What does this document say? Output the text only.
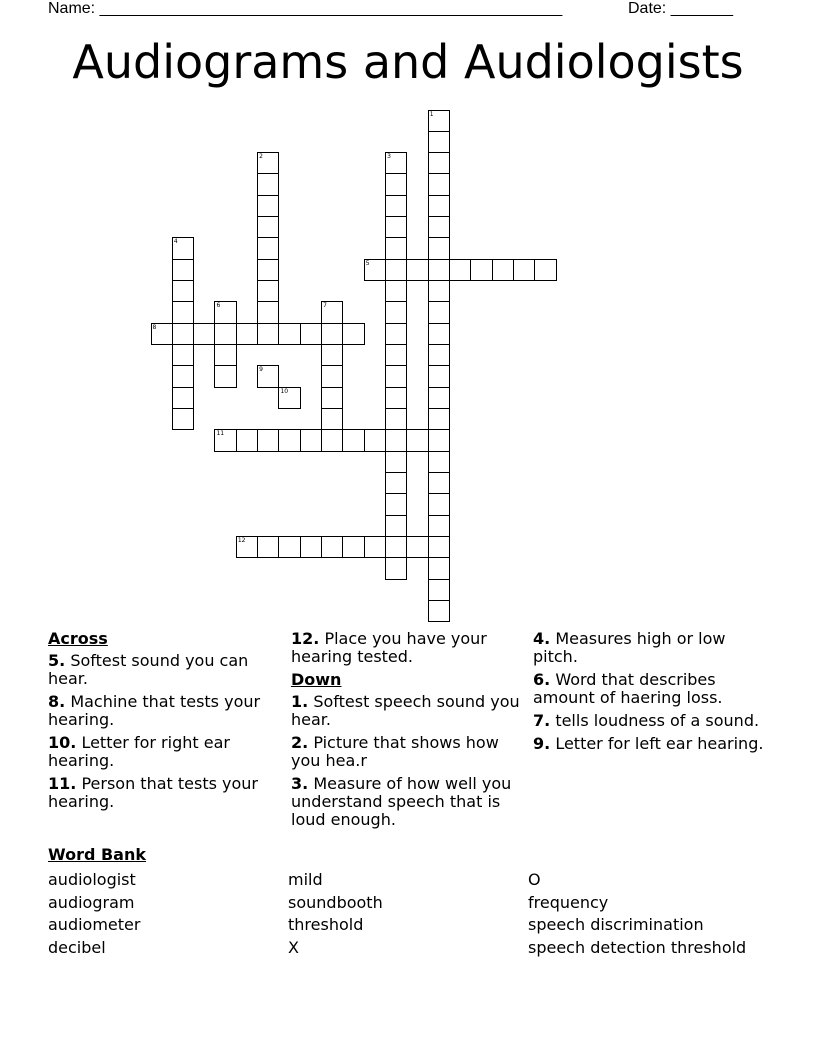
Name: ____________________________________________________	Date: _______
Audiograms and Audiologists
1
2	3
4
5
6	7
8
9
10
11
12
Across
5. Softest sound you can hear.
8. Machine that tests your hearing.
10. Letter for right ear hearing.
11. Person that tests your hearing.
12. Place you have your hearing tested.
Down
1. Softest speech sound you hear.
2. Picture that shows how you hea.r
3. Measure of how well you understand speech that is loud enough.
4. Measures high or low pitch.
6. Word that describes amount of haering loss.
7. tells loudness of a sound.
9. Letter for left ear hearing.
Word Bank
audiologist
audiogram
audiometer
decibel
mild
soundbooth
threshold
X
O
frequency
speech discrimination
speech detection threshold
